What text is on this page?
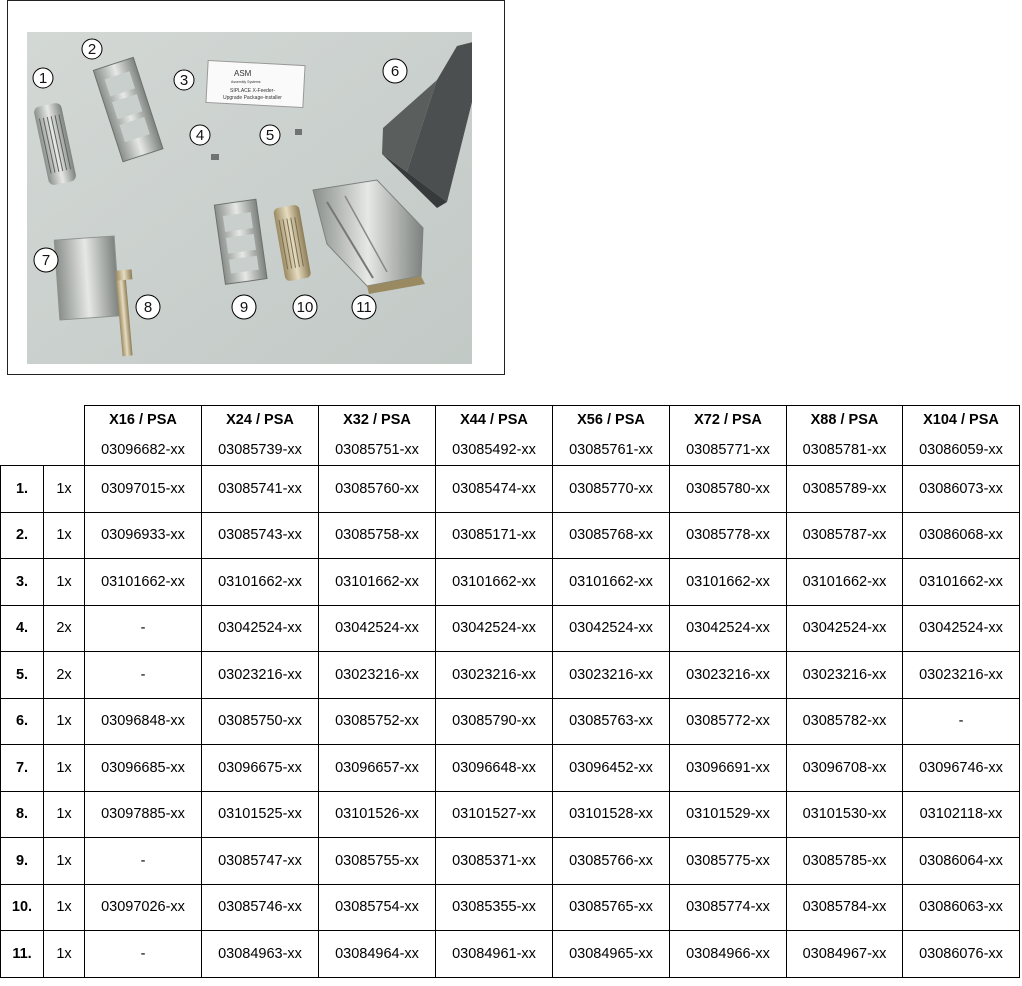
ASM
Assembly Systems
SIPLACE X-Feeder-
Upgrade Package-installer
1
2
3
4	5
6
7
8	9	10	11
		X16 / PSA	X24 / PSA	X32 / PSA	X44 / PSA	X56 / PSA	X72 / PSA	X88 / PSA	X104 / PSA
		03096682-xx	03085739-xx	03085751-xx	03085492-xx	03085761-xx	03085771-xx	03085781-xx	03086059-xx
1.	1x	03097015-xx	03085741-xx	03085760-xx	03085474-xx	03085770-xx	03085780-xx	03085789-xx	03086073-xx
2.	1x	03096933-xx	03085743-xx	03085758-xx	03085171-xx	03085768-xx	03085778-xx	03085787-xx	03086068-xx
3.	1x	03101662-xx	03101662-xx	03101662-xx	03101662-xx	03101662-xx	03101662-xx	03101662-xx	03101662-xx
4.	2x	-	03042524-xx	03042524-xx	03042524-xx	03042524-xx	03042524-xx	03042524-xx	03042524-xx
5.	2x	-	03023216-xx	03023216-xx	03023216-xx	03023216-xx	03023216-xx	03023216-xx	03023216-xx
6.	1x	03096848-xx	03085750-xx	03085752-xx	03085790-xx	03085763-xx	03085772-xx	03085782-xx	-
7.	1x	03096685-xx	03096675-xx	03096657-xx	03096648-xx	03096452-xx	03096691-xx	03096708-xx	03096746-xx
8.	1x	03097885-xx	03101525-xx	03101526-xx	03101527-xx	03101528-xx	03101529-xx	03101530-xx	03102118-xx
9.	1x	-	03085747-xx	03085755-xx	03085371-xx	03085766-xx	03085775-xx	03085785-xx	03086064-xx
10.	1x	03097026-xx	03085746-xx	03085754-xx	03085355-xx	03085765-xx	03085774-xx	03085784-xx	03086063-xx
11.	1x	-	03084963-xx	03084964-xx	03084961-xx	03084965-xx	03084966-xx	03084967-xx	03086076-xx
